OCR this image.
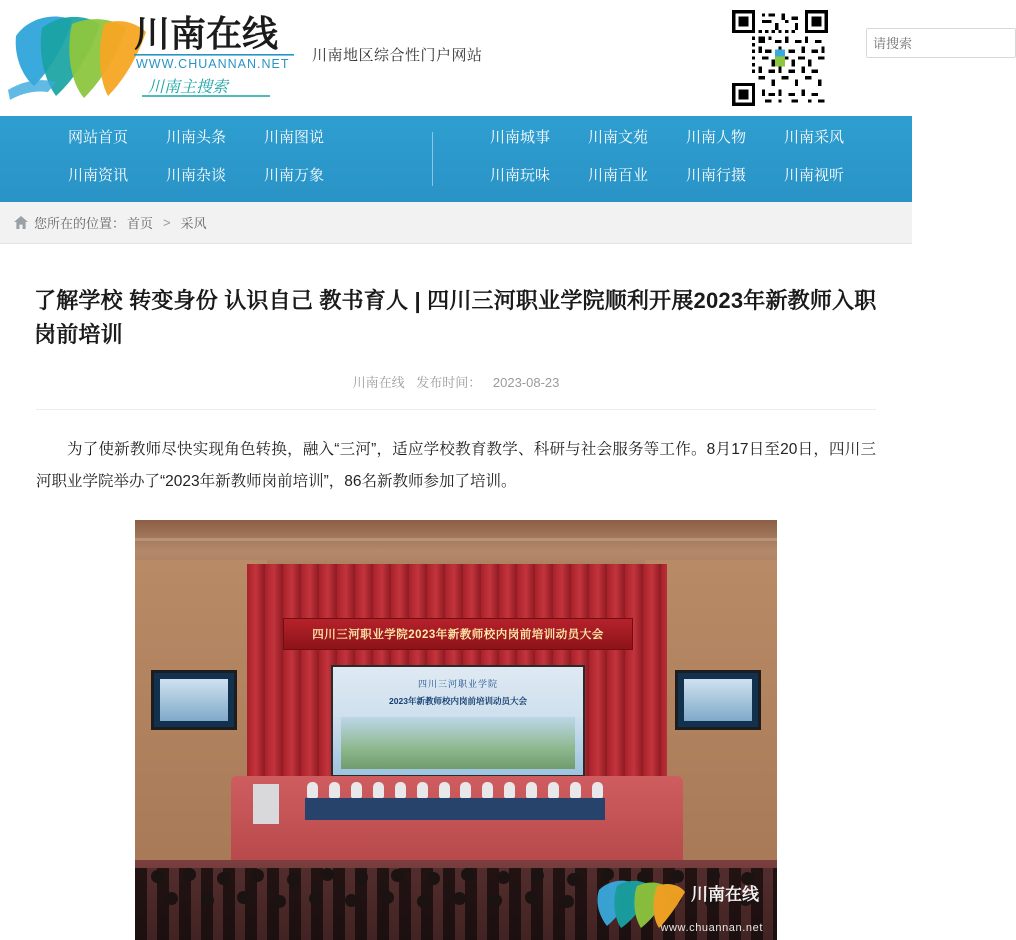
川南在线
WWW.CHUANNAN.NET
川南主搜索
川南地区综合性门户网站
请搜索
网站首页	川南头条	川南图说
川南资讯	川南杂谈	川南万象
川南城事	川南文苑	川南人物	川南采风
川南玩味	川南百业	川南行摄	川南视听
您所在的位置： 首页 > 采风
了解学校 转变身份 认识自己 教书育人 | 四川三河职业学院顺利开展2023年新教师入职岗前培训
川南在线 发布时间： 2023-08-23

为了使新教师尽快实现角色转换，融入“三河”，适应学校教育教学、科研与社会服务等工作。8月17日至20日，四川三河职业学院举办了“2023年新教师岗前培训”，86名新教师参加了培训。

四川三河职业学院2023年新教师校内岗前培训动员大会
四川三河职业学院
2023年新教师校内岗前培训动员大会
川南在线
www.chuannan.net
